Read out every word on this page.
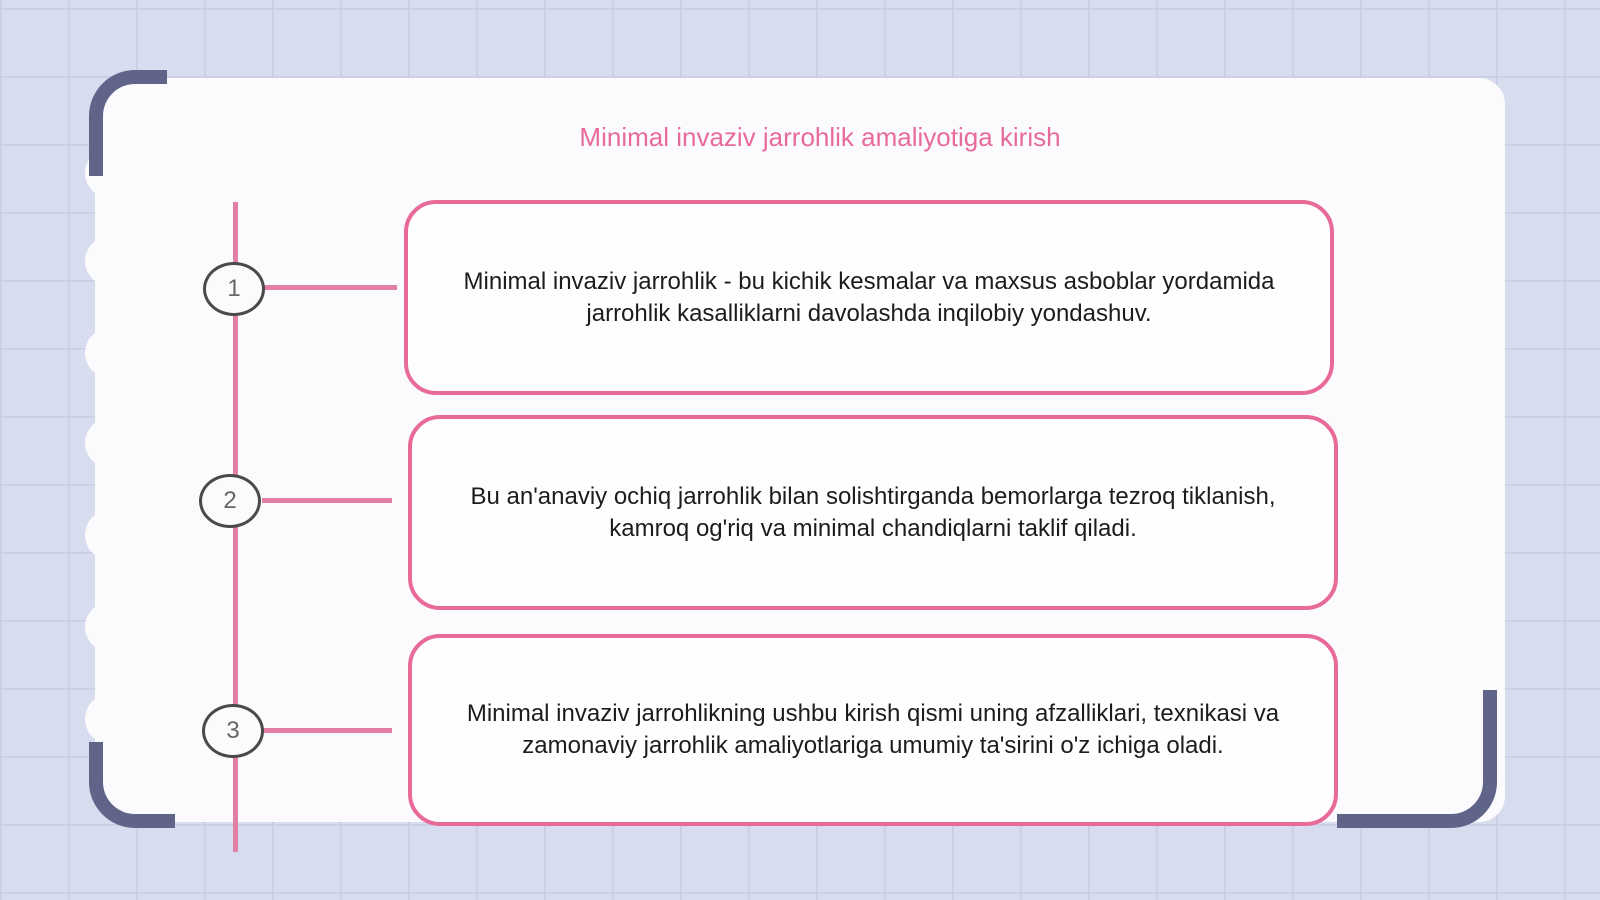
Minimal invaziv jarrohlik amaliyotiga kirish
1	Minimal invaziv jarrohlik - bu kichik kesmalar va maxsus asboblar yordamida jarrohlik kasalliklarni davolashda inqilobiy yondashuv.

2	Bu an'anaviy ochiq jarrohlik bilan solishtirganda bemorlarga tezroq tiklanish, kamroq og'riq va minimal chandiqlarni taklif qiladi.

3

Minimal invaziv jarrohlikning ushbu kirish qismi uning afzalliklari, texnikasi va zamonaviy jarrohlik amaliyotlariga umumiy ta'sirini o'z ichiga oladi.
